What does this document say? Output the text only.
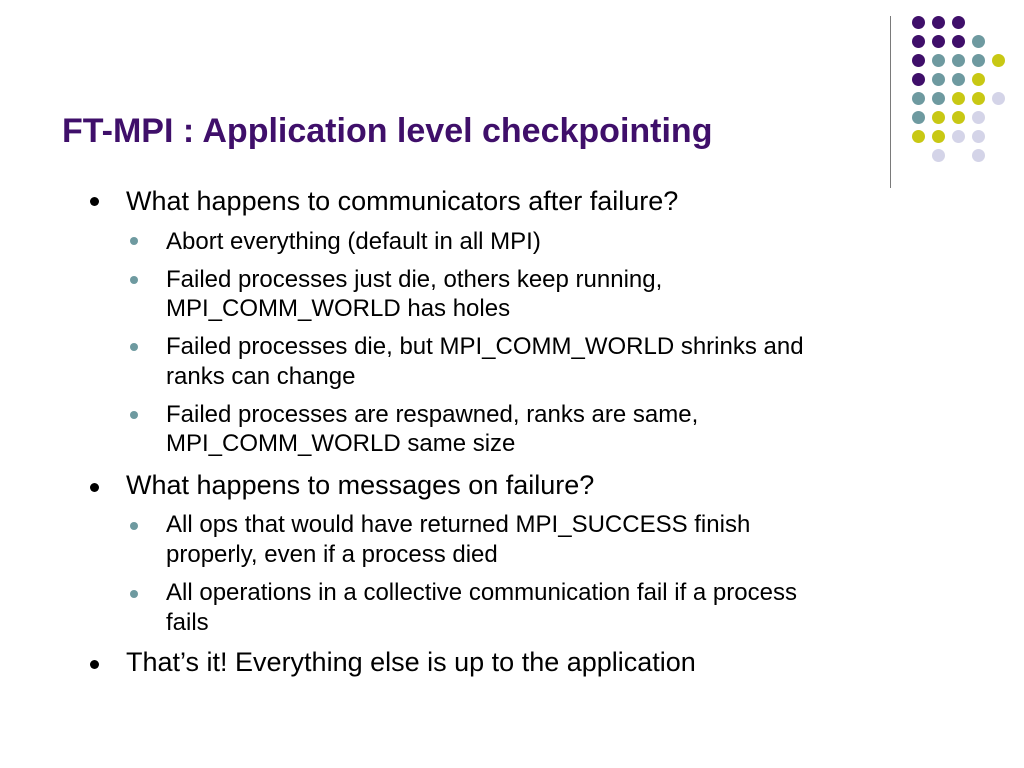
FT-MPI : Application level checkpointing
What happens to communicators after failure?
Abort everything (default in all MPI)
Failed processes just die, others keep running,
MPI_COMM_WORLD has holes
Failed processes die, but MPI_COMM_WORLD shrinks and
ranks can change
Failed processes are respawned, ranks are same,
MPI_COMM_WORLD same size
What happens to messages on failure?
All ops that would have returned MPI_SUCCESS finish
properly, even if a process died
All operations in a collective communication fail if a process
fails
That’s it! Everything else is up to the application
